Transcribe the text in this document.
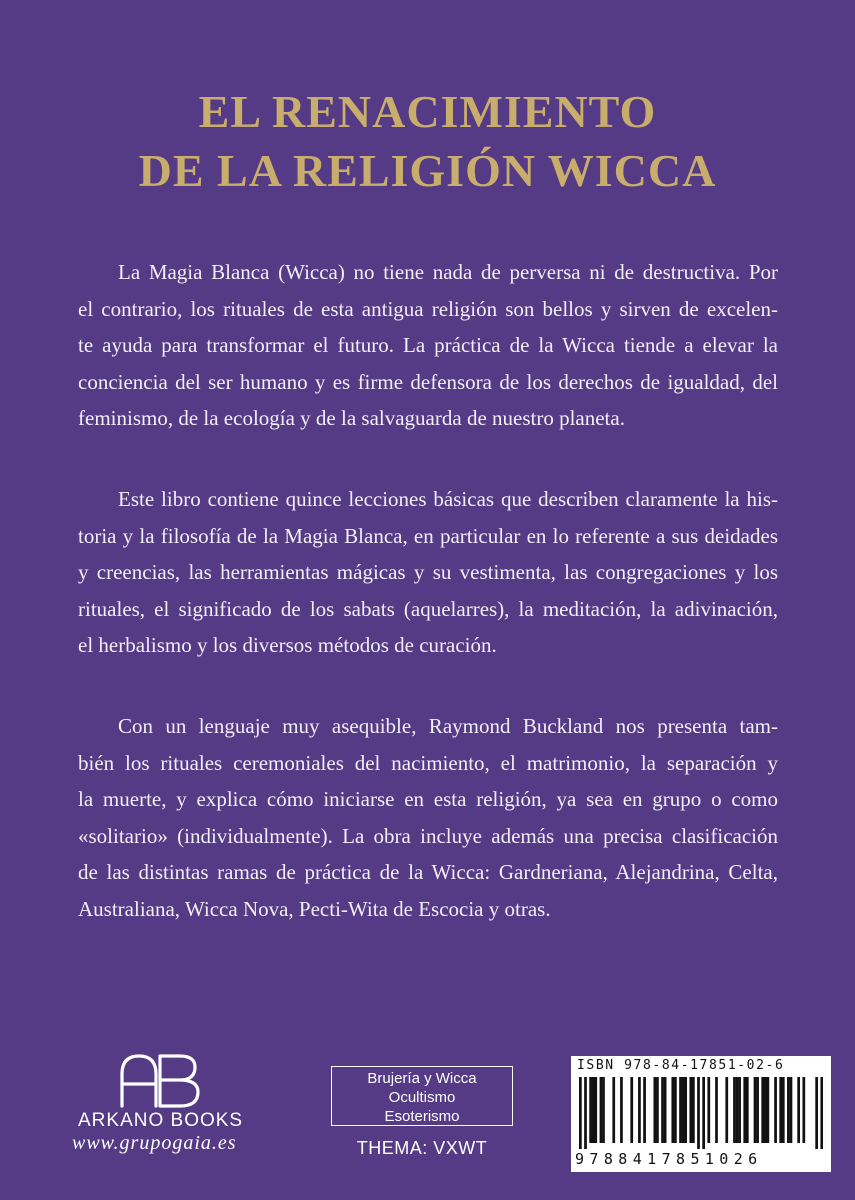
EL RENACIMIENTO
DE LA RELIGIÓN WICCA
La Magia Blanca (Wicca) no tiene nada de perversa ni de destructiva. Por
el contrario, los rituales de esta antigua religión son bellos y sirven de excelen-
te ayuda para transformar el futuro. La práctica de la Wicca tiende a elevar la
conciencia del ser humano y es firme defensora de los derechos de igualdad, del
feminismo, de la ecología y de la salvaguarda de nuestro planeta.
Este libro contiene quince lecciones básicas que describen claramente la his-
toria y la filosofía de la Magia Blanca, en particular en lo referente a sus deidades
y creencias, las herramientas mágicas y su vestimenta, las congregaciones y los
rituales, el significado de los sabats (aquelarres), la meditación, la adivinación,
el herbalismo y los diversos métodos de curación.
Con un lenguaje muy asequible, Raymond Buckland nos presenta tam-
bién los rituales ceremoniales del nacimiento, el matrimonio, la separación y
la muerte, y explica cómo iniciarse en esta religión, ya sea en grupo o como
«solitario» (individualmente). La obra incluye además una precisa clasificación
de las distintas ramas de práctica de la Wicca: Gardneriana, Alejandrina, Celta,
Australiana, Wicca Nova, Pecti-Wita de Escocia y otras.
ARKANO BOOKS
www.grupogaia.es
Brujería y Wicca
Ocultismo
Esoterismo
THEMA: VXWT
ISBN 978-84-17851-02-6
9788417851026
